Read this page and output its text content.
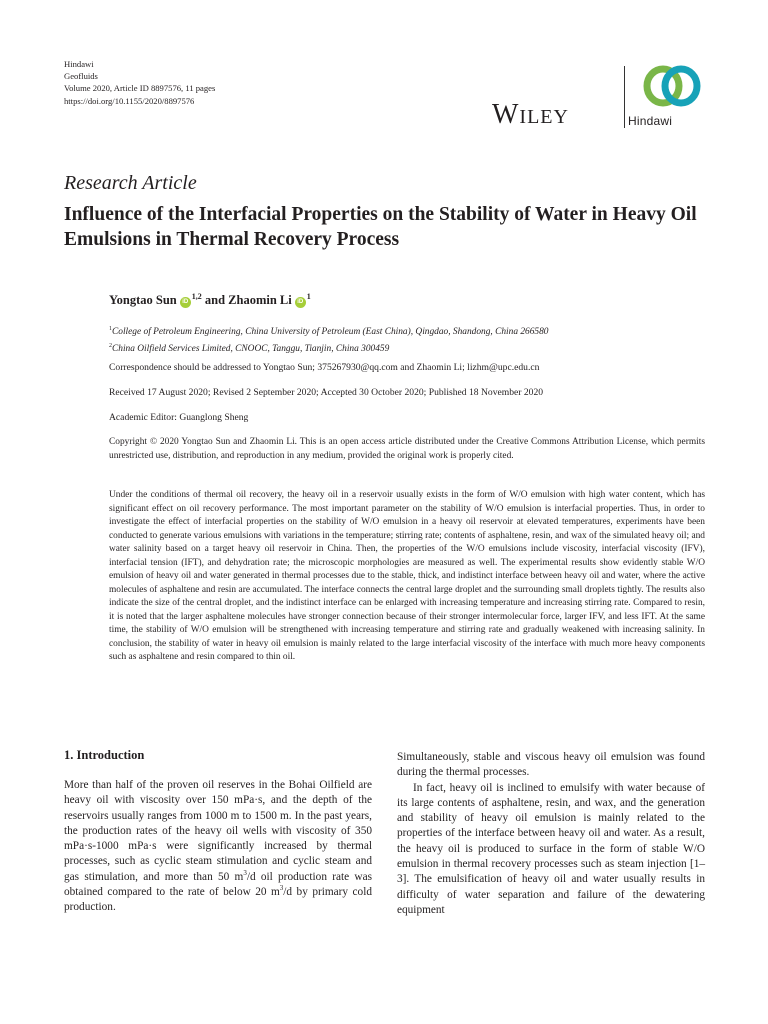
Hindawi
Geofluids
Volume 2020, Article ID 8897576, 11 pages
https://doi.org/10.1155/2020/8897576	Wiley	Hindawi
Research Article
Influence of the Interfacial Properties on the Stability of Water in Heavy Oil Emulsions in Thermal Recovery Process
Yongtao Sun iD$^{1,2}$ and Zhaomin Li $iD^1$
$^1$College of Petroleum Engineering, China University of Petroleum (East China), Qingdao, Shandong, China 266580
$^2$China Oilfield Services Limited, CNOOC, Tanggu, Tianjin, China 300459
Correspondence should be addressed to Yongtao Sun; 375267930@qq.com and Zhaomin Li; lizhm@upc.edu.cn
Received 17 August 2020; Revised 2 September 2020; Accepted 30 October 2020; Published 18 November 2020
Academic Editor: Guanglong Sheng
Copyright © 2020 Yongtao Sun and Zhaomin Li. This is an open access article distributed under the Creative Commons Attribution License, which permits unrestricted use, distribution, and reproduction in any medium, provided the original work is properly cited.
Under the conditions of thermal oil recovery, the heavy oil in a reservoir usually exists in the form of W/O emulsion with high water content, which has significant effect on oil recovery performance. The most important parameter on the stability of W/O emulsion is interfacial properties. Thus, in order to investigate the effect of interfacial properties on the stability of W/O emulsion in a heavy oil reservoir at elevated temperatures, experiments have been conducted to generate various emulsions with variations in the temperature; stirring rate; contents of asphaltene, resin, and wax of the simulated heavy oil; and water salinity based on a target heavy oil reservoir in China. Then, the properties of the W/O emulsions include viscosity, interfacial viscosity (IFV), interfacial tension (IFT), and dehydration rate; the microscopic morphologies are measured as well. The experimental results show evidently stable W/O emulsion of heavy oil and water generated in thermal processes due to the stable, thick, and indistinct interface between heavy oil and water, where the active molecules of asphaltene and resin are accumulated. The interface connects the central large droplet and the surrounding small droplets tightly. The results also indicate the size of the central droplet, and the indistinct interface can be enlarged with increasing temperature and increasing stirring rate. Compared to resin, it is noted that the larger asphaltene molecules have stronger connection because of their stronger intermolecular force, larger IFV, and less IFT. At the same time, the stability of W/O emulsion will be strengthened with increasing temperature and stirring rate and gradually weakened with increasing salinity. In conclusion, the stability of water in heavy oil emulsion is mainly related to the large interfacial viscosity of the interface with much more heavy components such as asphaltene and resin compared to thin oil.
1. Introduction
More than half of the proven oil reserves in the Bohai Oilfield are heavy oil with viscosity over 150 mPa·s, and the depth of the reservoirs usually ranges from 1000 m to 1500 m. In the past years, the production rates of the heavy oil wells with viscosity of 350 mPa·s-1000 mPa·s were significantly increased by thermal processes, such as cyclic steam stimulation and cyclic steam and gas stimulation, and more than 50 $m^3/d$ oil production rate was obtained compared to the rate of below 20 $m^3/d$ by primary cold production.
Simultaneously, stable and viscous heavy oil emulsion was found during the thermal processes.
In fact, heavy oil is inclined to emulsify with water because of its large contents of asphaltene, resin, and wax, and the generation and stability of heavy oil emulsion is mainly related to the properties of the interface between heavy oil and water. As a result, the heavy oil is produced to surface in the form of stable W/O emulsion in thermal recovery processes such as steam injection [1–3]. The emulsification of heavy oil and water usually results in difficulty of water separation and failure of the dewatering equipment
